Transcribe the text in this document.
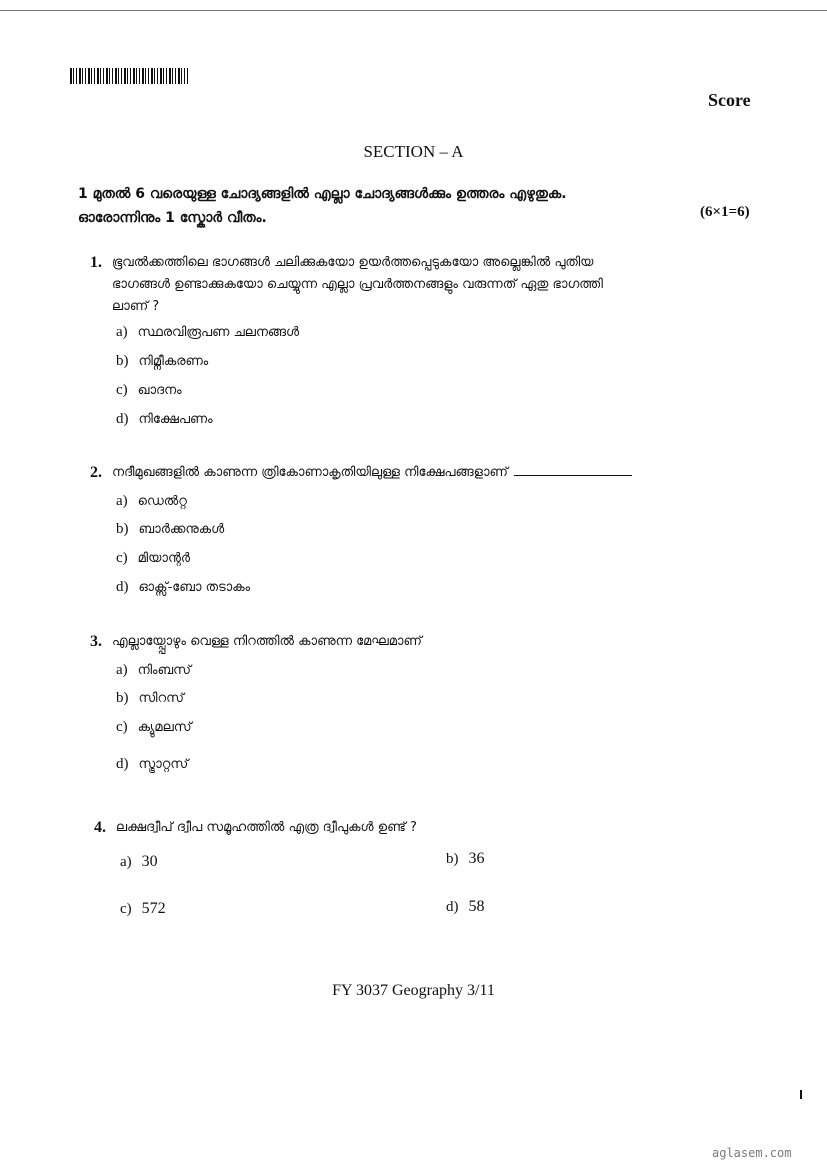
Score
SECTION – A
1 മുതൽ 6 വരെയുള്ള ചോദ്യങ്ങളിൽ എല്ലാ ചോദ്യങ്ങൾക്കും ഉത്തരം എഴുതുക.
ഓരോന്നിനും 1 സ്കോർ വീതം.	(6×1=6)
1. ഭൂവൽക്കത്തിലെ ഭാഗങ്ങൾ ചലിക്കുകയോ ഉയർത്തപ്പെടുകയോ അല്ലെങ്കിൽ പുതിയ
ഭാഗങ്ങൾ ഉണ്ടാക്കുകയോ ചെയ്യുന്ന എല്ലാ പ്രവർത്തനങ്ങളും വരുന്നത് ഏതു ഭാഗത്തി
ലാണ് ?
a) സ്ഥരവിരൂപണ ചലനങ്ങൾ
b) നിമ്നീകരണം
c) ഖാദനം
d) നിക്ഷേപണം
2. നദീമുഖങ്ങളിൽ കാണുന്ന ത്രികോണാകൃതിയിലുള്ള നിക്ഷേപങ്ങളാണ്
a) ഡെൽറ്റ
b) ബാർക്കനുകൾ
c) മിയാന്റർ
d) ഓക്സ്-ബോ തടാകം
3. എല്ലായ്പ്പോഴും വെള്ള നിറത്തിൽ കാണുന്ന മേഘമാണ്
a) നിംബസ്
b) സിറസ്
c) ക്യുമലസ്
d) സ്ട്രാറ്റസ്
4. ലക്ഷദ്വീപ് ദ്വീപ സമൂഹത്തിൽ എത്ര ദ്വീപുകൾ ഉണ്ട് ?
a) 30	b) 36
c) 572	d) 58
FY 3037 Geography 3/11
aglasem.com
